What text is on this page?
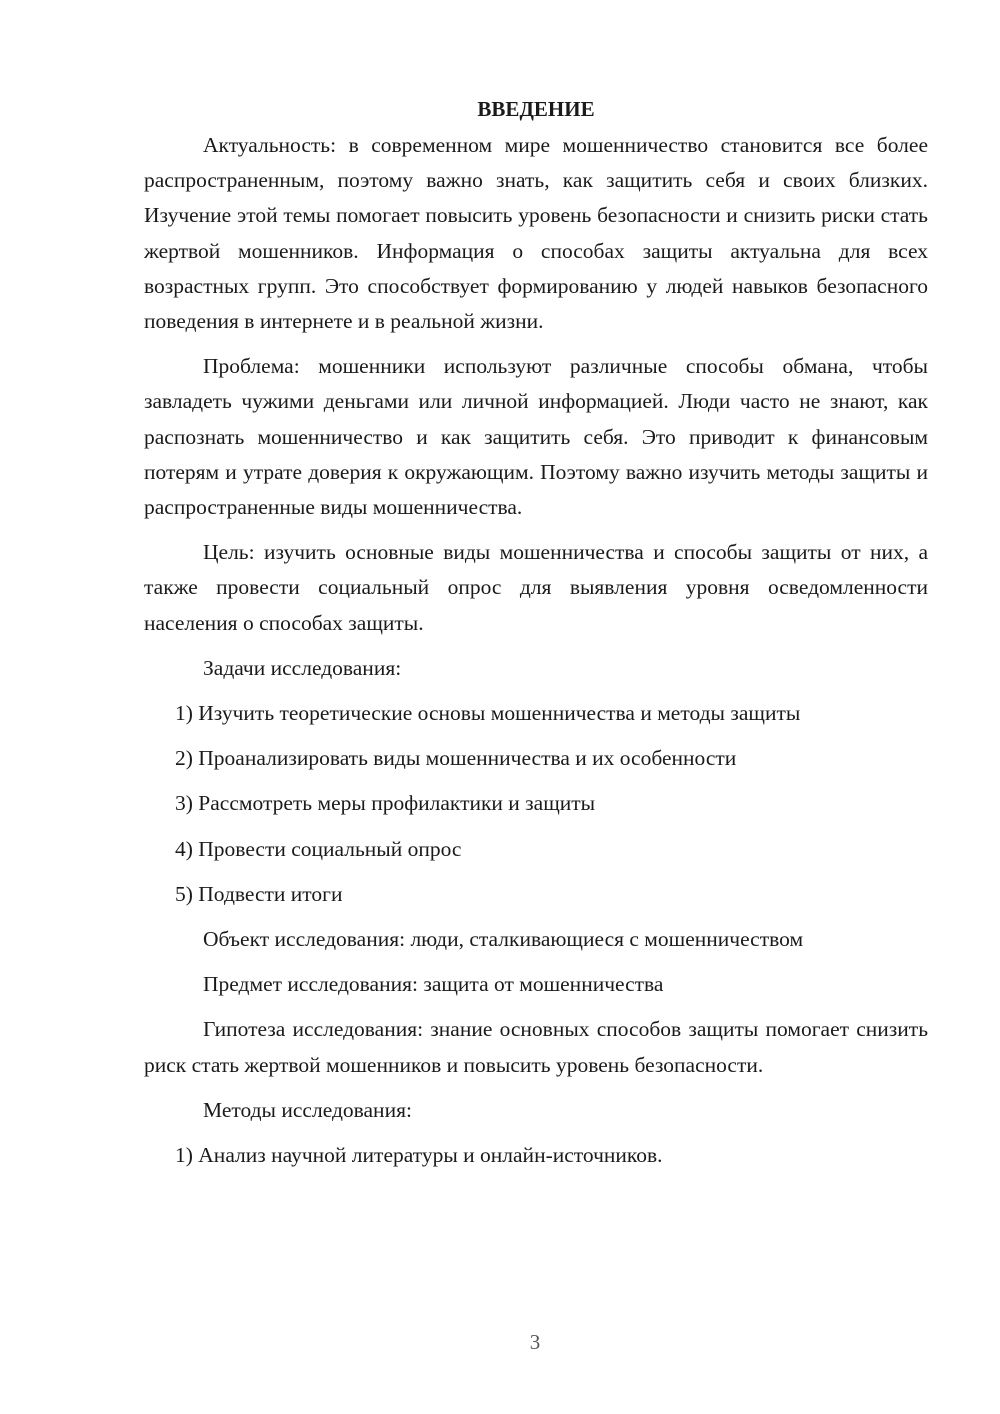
ВВЕДЕНИЕ

Актуальность: в современном мире мошенничество становится все более распространенным, поэтому важно знать, как защитить себя и своих близких. Изучение этой темы помогает повысить уровень безопасности и снизить риски стать жертвой мошенников. Информация о способах защиты актуальна для всех возрастных групп. Это способствует формированию у людей навыков безопасного поведения в интернете и в реальной жизни.

Проблема: мошенники используют различные способы обмана, чтобы завладеть чужими деньгами или личной информацией. Люди часто не знают, как распознать мошенничество и как защитить себя. Это приводит к финансовым потерям и утрате доверия к окружающим. Поэтому важно изучить методы защиты и распространенные виды мошенничества.

Цель: изучить основные виды мошенничества и способы защиты от них, а также провести социальный опрос для выявления уровня осведомленности населения о способах защиты.

Задачи исследования:

1) Изучить теоретические основы мошенничества и методы защиты
2) Проанализировать виды мошенничества и их особенности
3) Рассмотреть меры профилактики и защиты
4) Провести социальный опрос
5) Подвести итоги

Объект исследования: люди, сталкивающиеся с мошенничеством

Предмет исследования: защита от мошенничества

Гипотеза исследования: знание основных способов защиты помогает снизить риск стать жертвой мошенников и повысить уровень безопасности.

Методы исследования:

1) Анализ научной литературы и онлайн-источников.
3
